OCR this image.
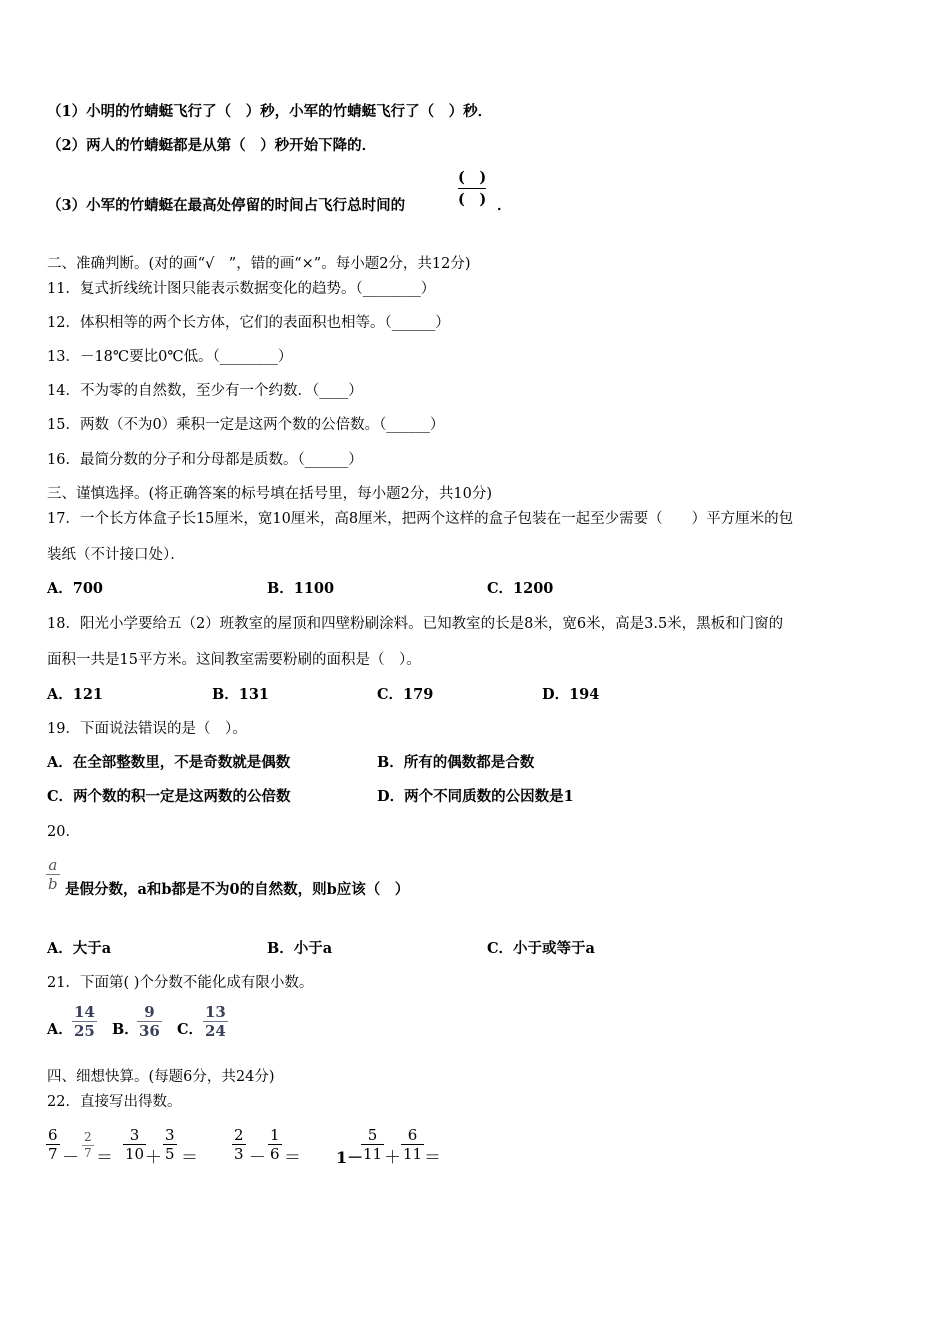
（1）小明的竹蜻蜓飞行了（　）秒，小军的竹蜻蜓飞行了（　）秒．
（2）两人的竹蜻蜓都是从第（　）秒开始下降的．
（3）小军的竹蜻蜓在最高处停留的时间占飞行总时间的
(　)
(　) ．
二、准确判断。(对的画“√　”，错的画“×”。每小题2分，共12分)
11．复式折线统计图只能表示数据变化的趋势。（________）
12．体积相等的两个长方体，它们的表面积也相等。（______）
13．－18℃要比0℃低。（________）
14．不为零的自然数，至少有一个约数．（____）
15．两数（不为0）乘积一定是这两个数的公倍数。（______）
16．最简分数的分子和分母都是质数。（______）
三、谨慎选择。(将正确答案的标号填在括号里，每小题2分，共10分)
17．一个长方体盒子长15厘米，宽10厘米，高8厘米，把两个这样的盒子包装在一起至少需要（　　）平方厘米的包
装纸（不计接口处）．
A．700	B．1100	C．1200
18．阳光小学要给五（2）班教室的屋顶和四壁粉刷涂料。已知教室的长是8米，宽6米，高是3.5米，黑板和门窗的
面积一共是15平方米。这间教室需要粉刷的面积是（　）。
A．121	B．131	C．179	D．194
19．下面说法错误的是（　）。
A．在全部整数里，不是奇数就是偶数	B．所有的偶数都是合数
C．两个数的积一定是这两数的公倍数	D．两个不同质数的公因数是1
20．
a
b 是假分数，a和b都是不为0的自然数，则b应该（　）
A．大于a	B．小于a	C．小于或等于a
21．下面第( )个分数不能化成有限小数。
A．
14
25 B．
9
36 C．
13
24
四、细想快算。(每题6分，共24分)
22．直接写出得数。
6
7 －
2
7 ＝
3
10 ＋
3
5 ＝
2
3 －
1
6 ＝ 1－
5
11 ＋
6
11 ＝
